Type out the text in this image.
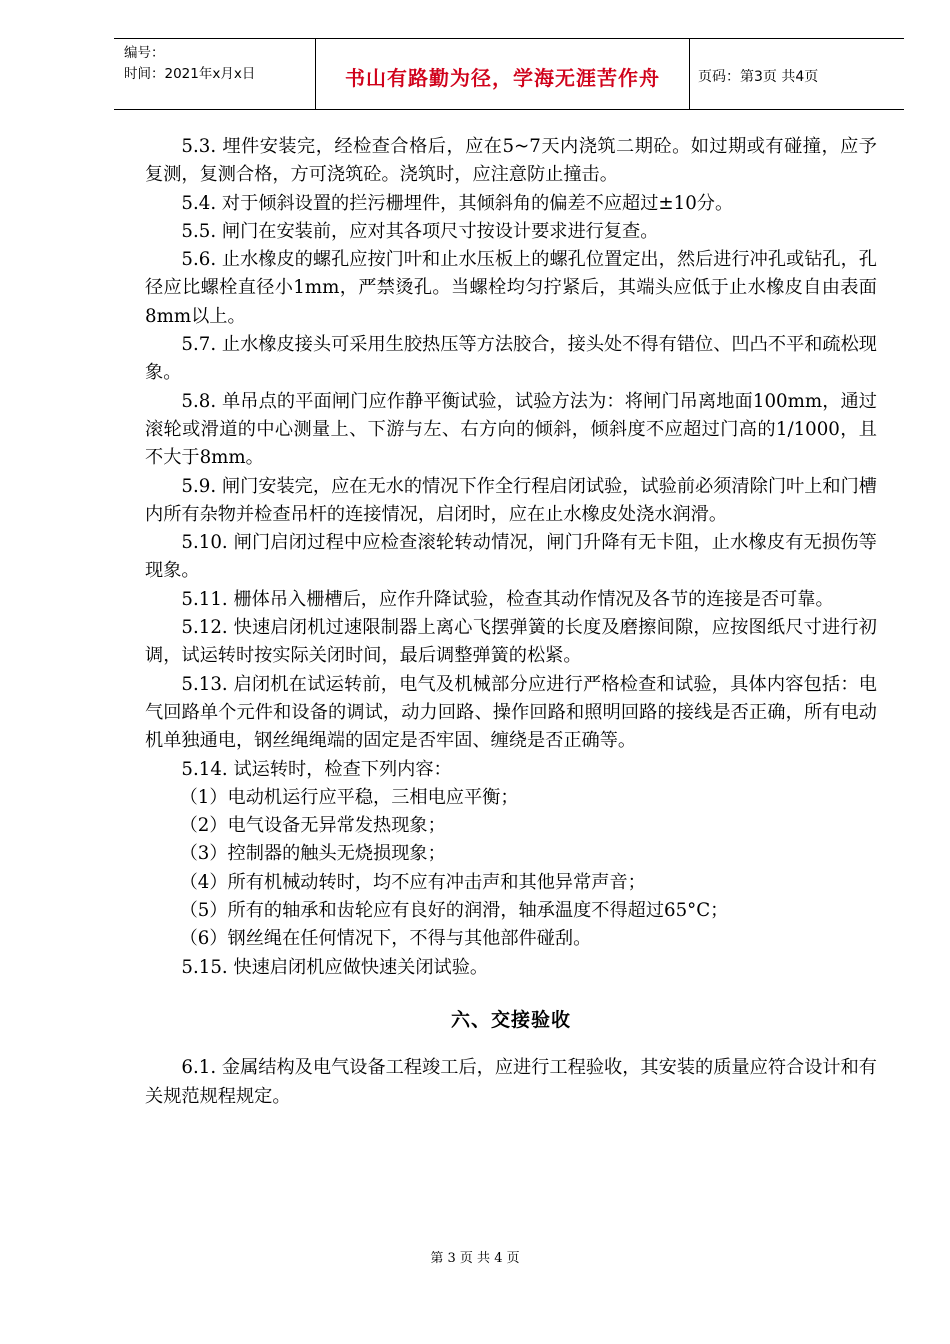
编号：
时间：2021年x月x日	书山有路勤为径，学海无涯苦作舟	页码：第3页 共4页

5.3. 埋件安装完，经检查合格后，应在5~7天内浇筑二期砼。如过期或有碰撞，应予复测，复测合格，方可浇筑砼。浇筑时，应注意防止撞击。

5.4. 对于倾斜设置的拦污栅埋件，其倾斜角的偏差不应超过±10分。

5.5. 闸门在安装前，应对其各项尺寸按设计要求进行复查。

5.6. 止水橡皮的螺孔应按门叶和止水压板上的螺孔位置定出，然后进行冲孔或钻孔，孔径应比螺栓直径小1mm，严禁烫孔。当螺栓均匀拧紧后，其端头应低于止水橡皮自由表面8mm以上。

5.7. 止水橡皮接头可采用生胶热压等方法胶合，接头处不得有错位、凹凸不平和疏松现象。

5.8. 单吊点的平面闸门应作静平衡试验，试验方法为：将闸门吊离地面100mm，通过滚轮或滑道的中心测量上、下游与左、右方向的倾斜，倾斜度不应超过门高的1/1000，且不大于8mm。

5.9. 闸门安装完，应在无水的情况下作全行程启闭试验，试验前必须清除门叶上和门槽内所有杂物并检查吊杆的连接情况，启闭时，应在止水橡皮处浇水润滑。

5.10. 闸门启闭过程中应检查滚轮转动情况，闸门升降有无卡阻，止水橡皮有无损伤等现象。

5.11. 栅体吊入栅槽后，应作升降试验，检查其动作情况及各节的连接是否可靠。

5.12. 快速启闭机过速限制器上离心飞摆弹簧的长度及磨擦间隙，应按图纸尺寸进行初调，试运转时按实际关闭时间，最后调整弹簧的松紧。

5.13. 启闭机在试运转前，电气及机械部分应进行严格检查和试验，具体内容包括：电气回路单个元件和设备的调试，动力回路、操作回路和照明回路的接线是否正确，所有电动机单独通电，钢丝绳绳端的固定是否牢固、缠绕是否正确等。

5.14. 试运转时，检查下列内容：

（1）电动机运行应平稳，三相电应平衡；

（2）电气设备无异常发热现象；

（3）控制器的触头无烧损现象；

（4）所有机械动转时，均不应有冲击声和其他异常声音；

（5）所有的轴承和齿轮应有良好的润滑，轴承温度不得超过65°C；

（6）钢丝绳在任何情况下，不得与其他部件碰刮。

5.15. 快速启闭机应做快速关闭试验。

六、交接验收

6.1. 金属结构及电气设备工程竣工后，应进行工程验收，其安装的质量应符合设计和有关规范规程规定。

第 3 页 共 4 页
